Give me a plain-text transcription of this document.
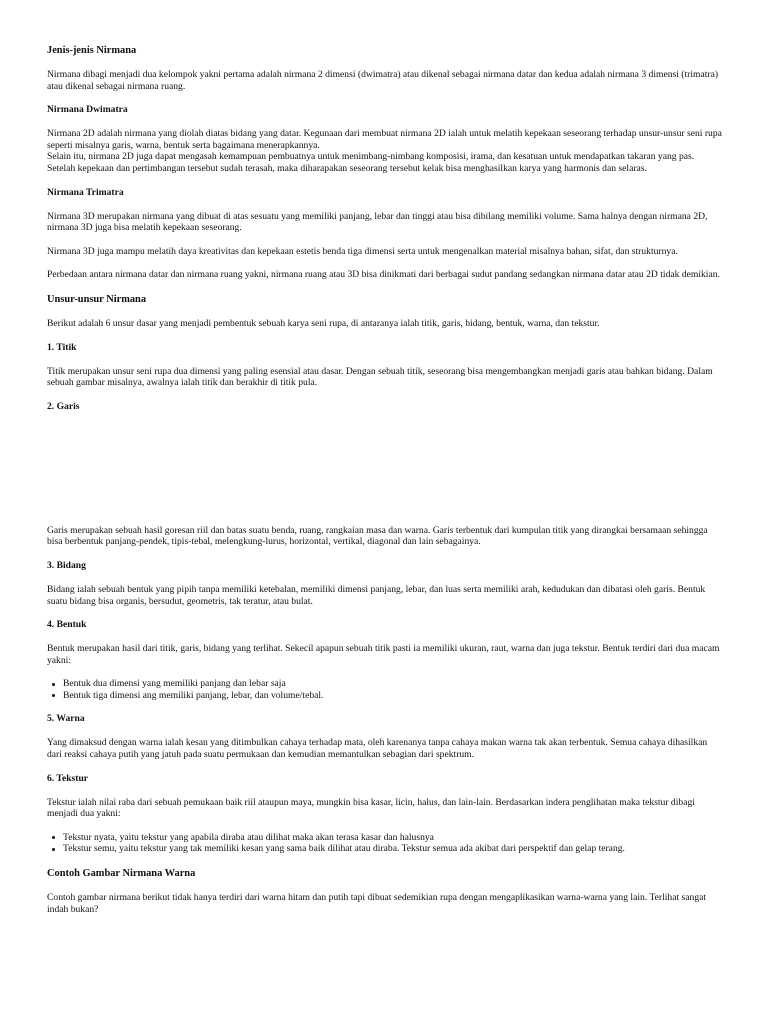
Jenis-jenis Nirmana

Nirmana dibagi menjadi dua kelompok yakni pertama adalah nirmana 2 dimensi (dwimatra) atau dikenal sebagai nirmana datar dan kedua adalah nirmana 3 dimensi (trimatra) atau dikenal sebagai nirmana ruang.

Nirmana Dwimatra

Nirmana 2D adalah nirmana yang diolah diatas bidang yang datar. Kegunaan dari membuat nirmana 2D ialah untuk melatih kepekaan seseorang terhadap unsur-unsur seni rupa seperti misalnya garis, warna, bentuk serta bagaimana menerapkannya.

Selain itu, nirmana 2D juga dapat mengasah kemampuan pembuatnya untuk menimbang-nimbang komposisi, irama, dan kesatuan untuk mendapatkan takaran yang pas. Setelah kepekaan dan pertimbangan tersebut sudah terasah, maka diharapakan seseorang tersebut kelak bisa menghasilkan karya yang harmonis dan selaras.

Nirmana Trimatra

Nirmana 3D merupakan nirmana yang dibuat di atas sesuatu yang memiliki panjang, lebar dan tinggi atau bisa dibilang memiliki volume. Sama halnya dengan nirmana 2D, nirmana 3D juga bisa melatih kepekaan seseorang.

Nirmana 3D juga mampu melatih daya kreativitas dan kepekaan estetis benda tiga dimensi serta untuk mengenalkan material misalnya bahan, sifat, dan strukturnya.

Perbedaan antara nirmana datar dan nirmana ruang yakni, nirmana ruang atau 3D bisa dinikmati dari berbagai sudut pandang sedangkan nirmana datar atau 2D tidak demikian.

Unsur-unsur Nirmana

Berikut adalah 6 unsur dasar yang menjadi pembentuk sebuah karya seni rupa, di antaranya ialah titik, garis, bidang, bentuk, warna, dan tekstur.

1. Titik

Titik merupakan unsur seni rupa dua dimensi yang paling esensial atau dasar. Dengan sebuah titik, seseorang bisa mengembangkan menjadi garis atau bahkan bidang. Dalam sebuah gambar misalnya, awalnya ialah titik dan berakhir di titik pula.

2. Garis

Garis merupakan sebuah hasil goresan riil dan batas suatu benda, ruang, rangkaian masa dan warna. Garis terbentuk dari kumpulan titik yang dirangkai bersamaan sehingga bisa berbentuk panjang-pendek, tipis-tebal, melengkung-lurus, horizontal, vertikal, diagonal dan lain sebagainya.

3. Bidang

Bidang ialah sebuah bentuk yang pipih tanpa memiliki ketebalan, memiliki dimensi panjang, lebar, dan luas serta memiliki arah, kedudukan dan dibatasi oleh garis. Bentuk suatu bidang bisa organis, bersudut, geometris, tak teratur, atau bulat.

4. Bentuk

Bentuk merupakan hasil dari titik, garis, bidang yang terlihat. Sekecil apapun sebuah titik pasti ia memiliki ukuran, raut, warna dan juga tekstur. Bentuk terdiri dari dua macam yakni:

Bentuk dua dimensi yang memiliki panjang dan lebar saja
Bentuk tiga dimensi ang memiliki panjang, lebar, dan volume/tebal.
5. Warna

Yang dimaksud dengan warna ialah kesan yang ditimbulkan cahaya terhadap mata, oleh karenanya tanpa cahaya makan warna tak akan terbentuk. Semua cahaya dihasilkan dari reaksi cahaya putih yang jatuh pada suatu permukaan dan kemudian memantulkan sebagian dari spektrum.

6. Tekstur

Tekstur ialah nilai raba dari sebuah pemukaan baik riil ataupun maya, mungkin bisa kasar, licin, halus, dan lain-lain. Berdasarkan indera penglihatan maka tekstur dibagi menjadi dua yakni:

Tekstur nyata, yaitu tekstur yang apabila diraba atau dilihat maka akan terasa kasar dan halusnya
Tekstur semu, yaitu tekstur yang tak memiliki kesan yang sama baik dilihat atau diraba. Tekstur semua ada akibat dari perspektif dan gelap terang.
Contoh Gambar Nirmana Warna

Contoh gambar nirmana berikut tidak hanya terdiri dari warna hitam dan putih tapi dibuat sedemikian rupa dengan mengaplikasikan warna-warna yang lain. Terlihat sangat indah bukan?
